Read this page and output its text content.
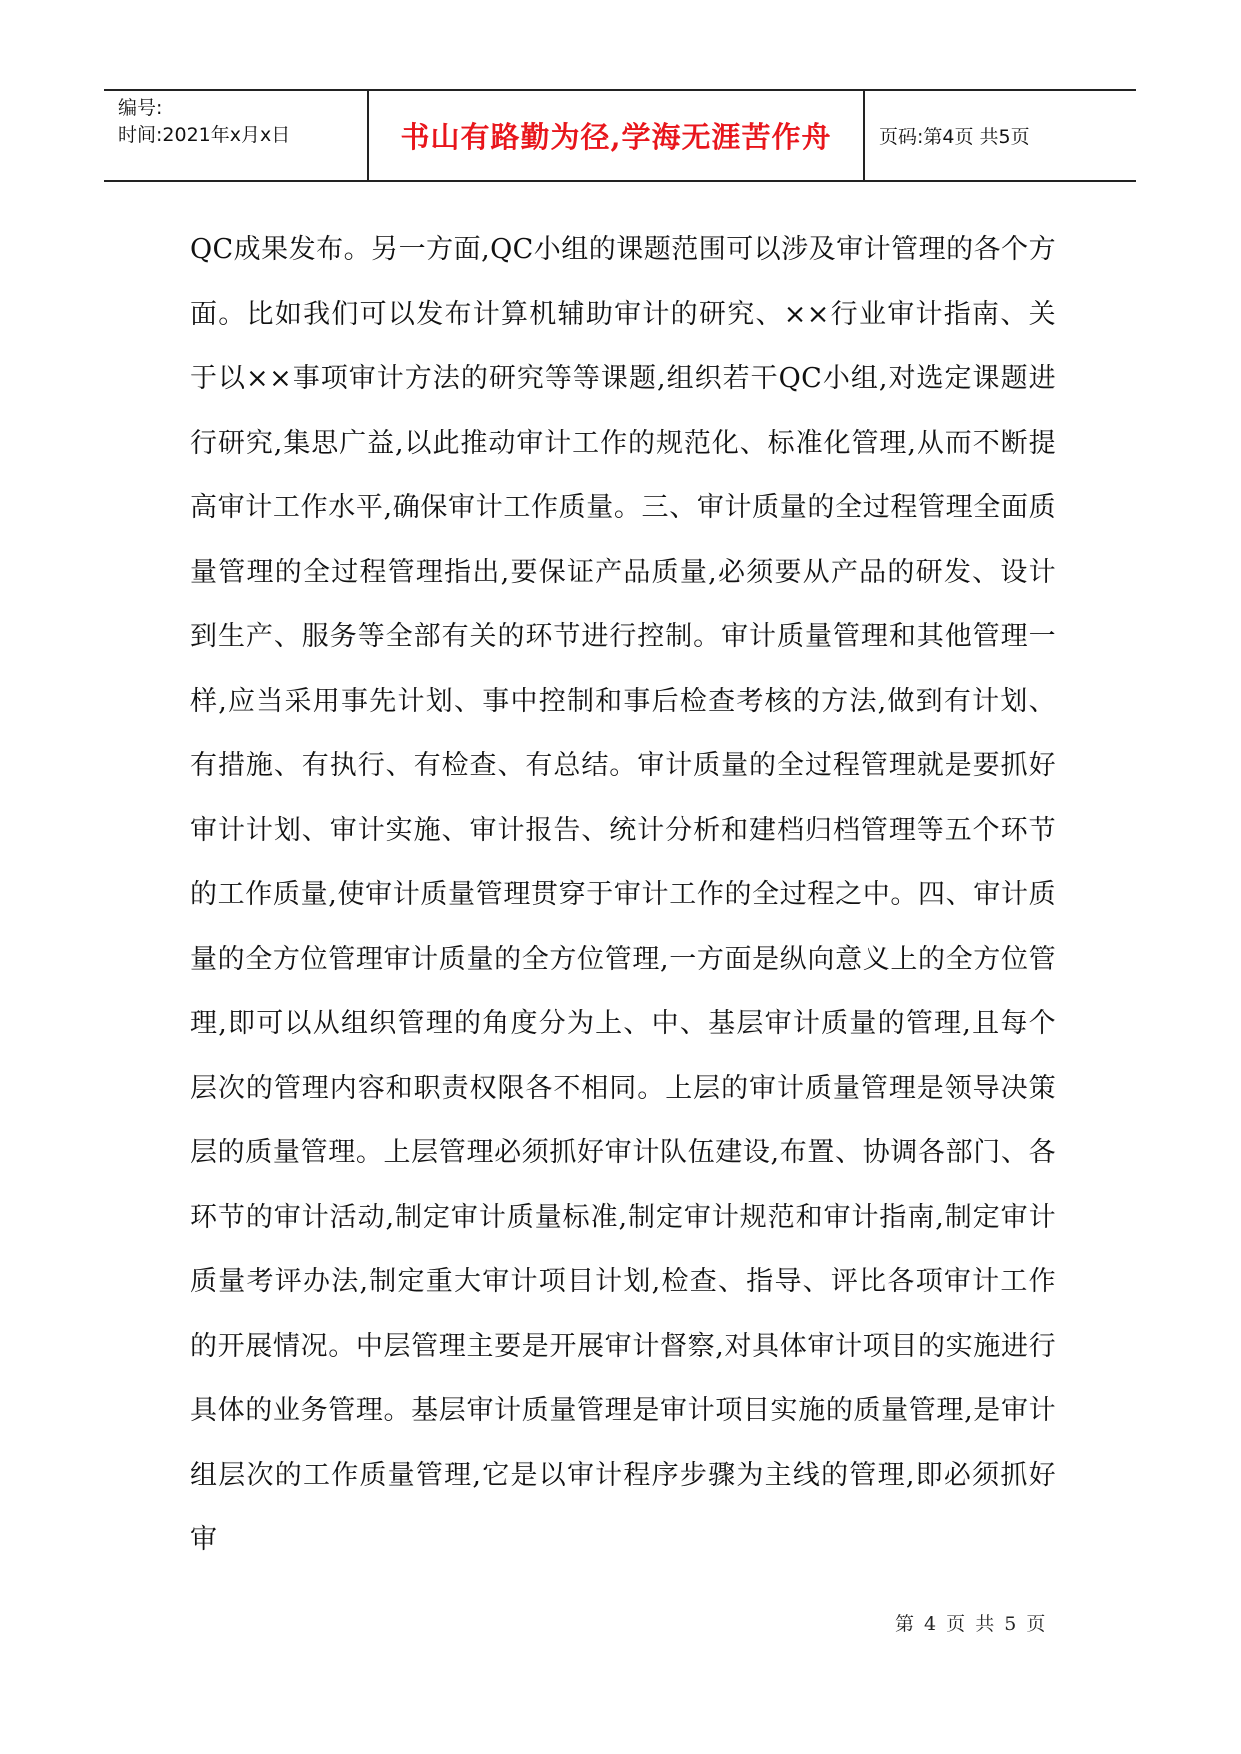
编号:
时间:2021年x月x日	书山有路勤为径,学海无涯苦作舟 页码:第4页 共5页

QC成果发布。另一方面,QC小组的课题范围可以涉及审计管理的各个方面。比如我们可以发布计算机辅助审计的研究、××行业审计指南、关于以××事项审计方法的研究等等课题,组织若干QC小组,对选定课题进行研究,集思广益,以此推动审计工作的规范化、标准化管理,从而不断提高审计工作水平,确保审计工作质量。三、审计质量的全过程管理全面质量管理的全过程管理指出,要保证产品质量,必须要从产品的研发、设计到生产、服务等全部有关的环节进行控制。审计质量管理和其他管理一样,应当采用事先计划、事中控制和事后检查考核的方法,做到有计划、有措施、有执行、有检查、有总结。审计质量的全过程管理就是要抓好审计计划、审计实施、审计报告、统计分析和建档归档管理等五个环节的工作质量,使审计质量管理贯穿于审计工作的全过程之中。四、审计质量的全方位管理审计质量的全方位管理,一方面是纵向意义上的全方位管理,即可以从组织管理的角度分为上、中、基层审计质量的管理,且每个层次的管理内容和职责权限各不相同。上层的审计质量管理是领导决策层的质量管理。上层管理必须抓好审计队伍建设,布置、协调各部门、各环节的审计活动,制定审计质量标准,制定审计规范和审计指南,制定审计质量考评办法,制定重大审计项目计划,检查、指导、评比各项审计工作的开展情况。中层管理主要是开展审计督察,对具体审计项目的实施进行具体的业务管理。基层审计质量管理是审计项目实施的质量管理,是审计组层次的工作质量管理,它是以审计程序步骤为主线的管理,即必须抓好审

第 4 页 共 5 页
